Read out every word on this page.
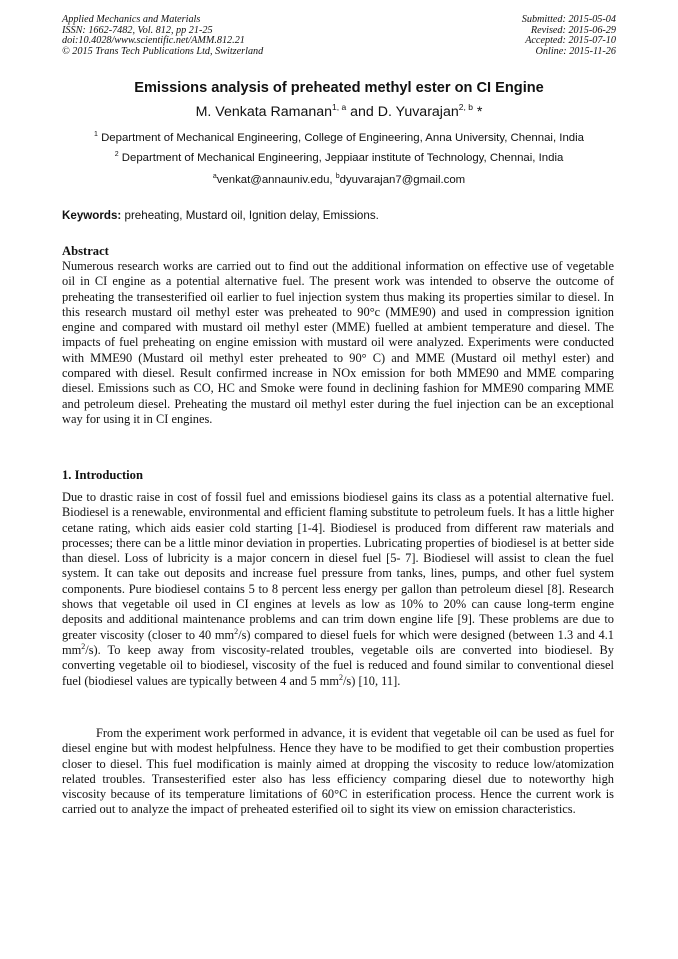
Applied Mechanics and Materials
ISSN: 1662-7482, Vol. 812, pp 21-25
doi:10.4028/www.scientific.net/AMM.812.21
© 2015 Trans Tech Publications Ltd, Switzerland
Submitted: 2015-05-04
Revised: 2015-06-29
Accepted: 2015-07-10
Online: 2015-11-26
Emissions analysis of preheated methyl ester on CI Engine
M. Venkata Ramanan$^{1, a}$ and D. Yuvarajan$^{2, b}$ *
$^1$ Department of Mechanical Engineering, College of Engineering, Anna University, Chennai, India
$^2$ Department of Mechanical Engineering, Jeppiaar institute of Technology, Chennai, India
$^a$venkat@annauniv.edu, $^b$dyuvarajan7@gmail.com
Keywords: preheating, Mustard oil, Ignition delay, Emissions.
Abstract
Numerous research works are carried out to find out the additional information on effective use of vegetable oil in CI engine as a potential alternative fuel. The present work was intended to observe the outcome of preheating the transesterified oil earlier to fuel injection system thus making its properties similar to diesel. In this research mustard oil methyl ester was preheated to 90°c (MME90) and used in compression ignition engine and compared with mustard oil methyl ester (MME) fuelled at ambient temperature and diesel. The impacts of fuel preheating on engine emission with mustard oil were analyzed. Experiments were conducted with MME90 (Mustard oil methyl ester preheated to 90° C) and MME (Mustard oil methyl ester) and compared with diesel. Result confirmed increase in NOx emission for both MME90 and MME comparing diesel. Emissions such as CO, HC and Smoke were found in declining fashion for MME90 comparing MME and petroleum diesel. Preheating the mustard oil methyl ester during the fuel injection can be an exceptional way for using it in CI engines.
1. Introduction
Due to drastic raise in cost of fossil fuel and emissions biodiesel gains its class as a potential alternative fuel. Biodiesel is a renewable, environmental and efficient flaming substitute to petroleum fuels. It has a little higher cetane rating, which aids easier cold starting [1-4]. Biodiesel is produced from different raw materials and processes; there can be a little minor deviation in properties. Lubricating properties of biodiesel is at better side than diesel. Loss of lubricity is a major concern in diesel fuel [5- 7]. Biodiesel will assist to clean the fuel system. It can take out deposits and increase fuel pressure from tanks, lines, pumps, and other fuel system components. Pure biodiesel contains 5 to 8 percent less energy per gallon than petroleum diesel [8]. Research shows that vegetable oil used in CI engines at levels as low as 10% to 20% can cause long-term engine deposits and additional maintenance problems and can trim down engine life [9]. These problems are due to greater viscosity (closer to 40 $mm^2/s$) compared to diesel fuels for which were designed (between 1.3 and 4.1 $mm^2/s$). To keep away from viscosity-related troubles, vegetable oils are converted into biodiesel. By converting vegetable oil to biodiesel, viscosity of the fuel is reduced and found similar to conventional diesel fuel (biodiesel values are typically between 4 and 5 $mm^2/s$) [10, 11].
From the experiment work performed in advance, it is evident that vegetable oil can be used as fuel for diesel engine but with modest helpfulness. Hence they have to be modified to get their combustion properties closer to diesel. This fuel modification is mainly aimed at dropping the viscosity to reduce low/atomization related troubles. Transesterified ester also has less efficiency comparing diesel due to noteworthy high viscosity because of its temperature limitations of 60°C in esterification process. Hence the current work is carried out to analyze the impact of preheated esterified oil to sight its view on emission characteristics.
